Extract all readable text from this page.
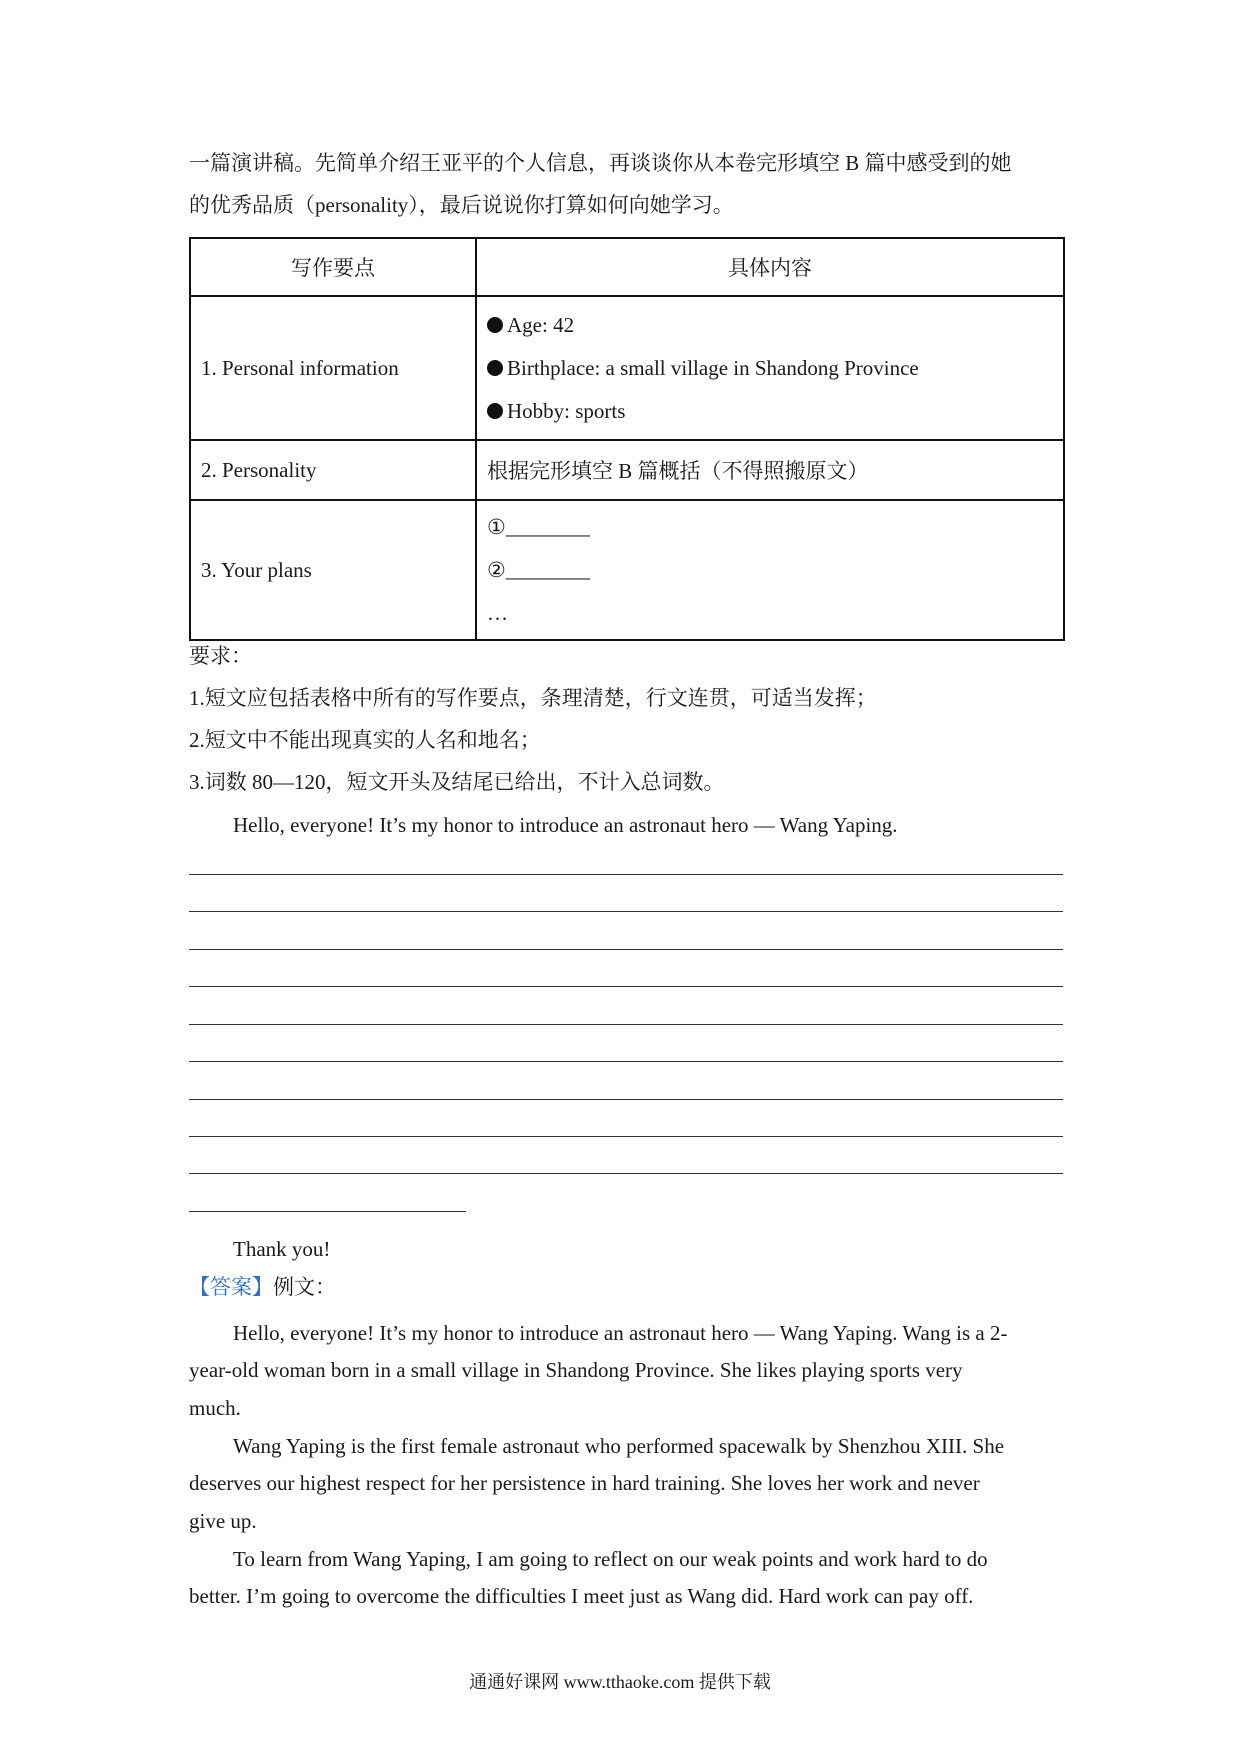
一篇演讲稿。先简单介绍王亚平的个人信息，再谈谈你从本卷完形填空 B 篇中感受到的她
的优秀品质（personality），最后说说你打算如何向她学习。
写作要点	具体内容
1. Personal information	Age: 42
Birthplace: a small village in Shandong Province
Hobby: sports

2. Personality	根据完形填空 B 篇概括（不得照搬原文）
3. Your plans	①________
②________
…
要求：
1.短文应包括表格中所有的写作要点，条理清楚，行文连贯，可适当发挥；
2.短文中不能出现真实的人名和地名；
3.词数 80—120，短文开头及结尾已给出，不计入总词数。
Hello, everyone! It’s my honor to introduce an astronaut hero — Wang Yaping.
Thank you!
【答案】例文：
Hello, everyone! It’s my honor to introduce an astronaut hero — Wang Yaping. Wang is a 2-
year-old woman born in a small village in Shandong Province. She likes playing sports very
much.
Wang Yaping is the first female astronaut who performed spacewalk by Shenzhou XIII. She
deserves our highest respect for her persistence in hard training. She loves her work and never
give up.
To learn from Wang Yaping, I am going to reflect on our weak points and work hard to do
better. I’m going to overcome the difficulties I meet just as Wang did. Hard work can pay off.
通通好课网 www.tthaoke.com 提供下载
